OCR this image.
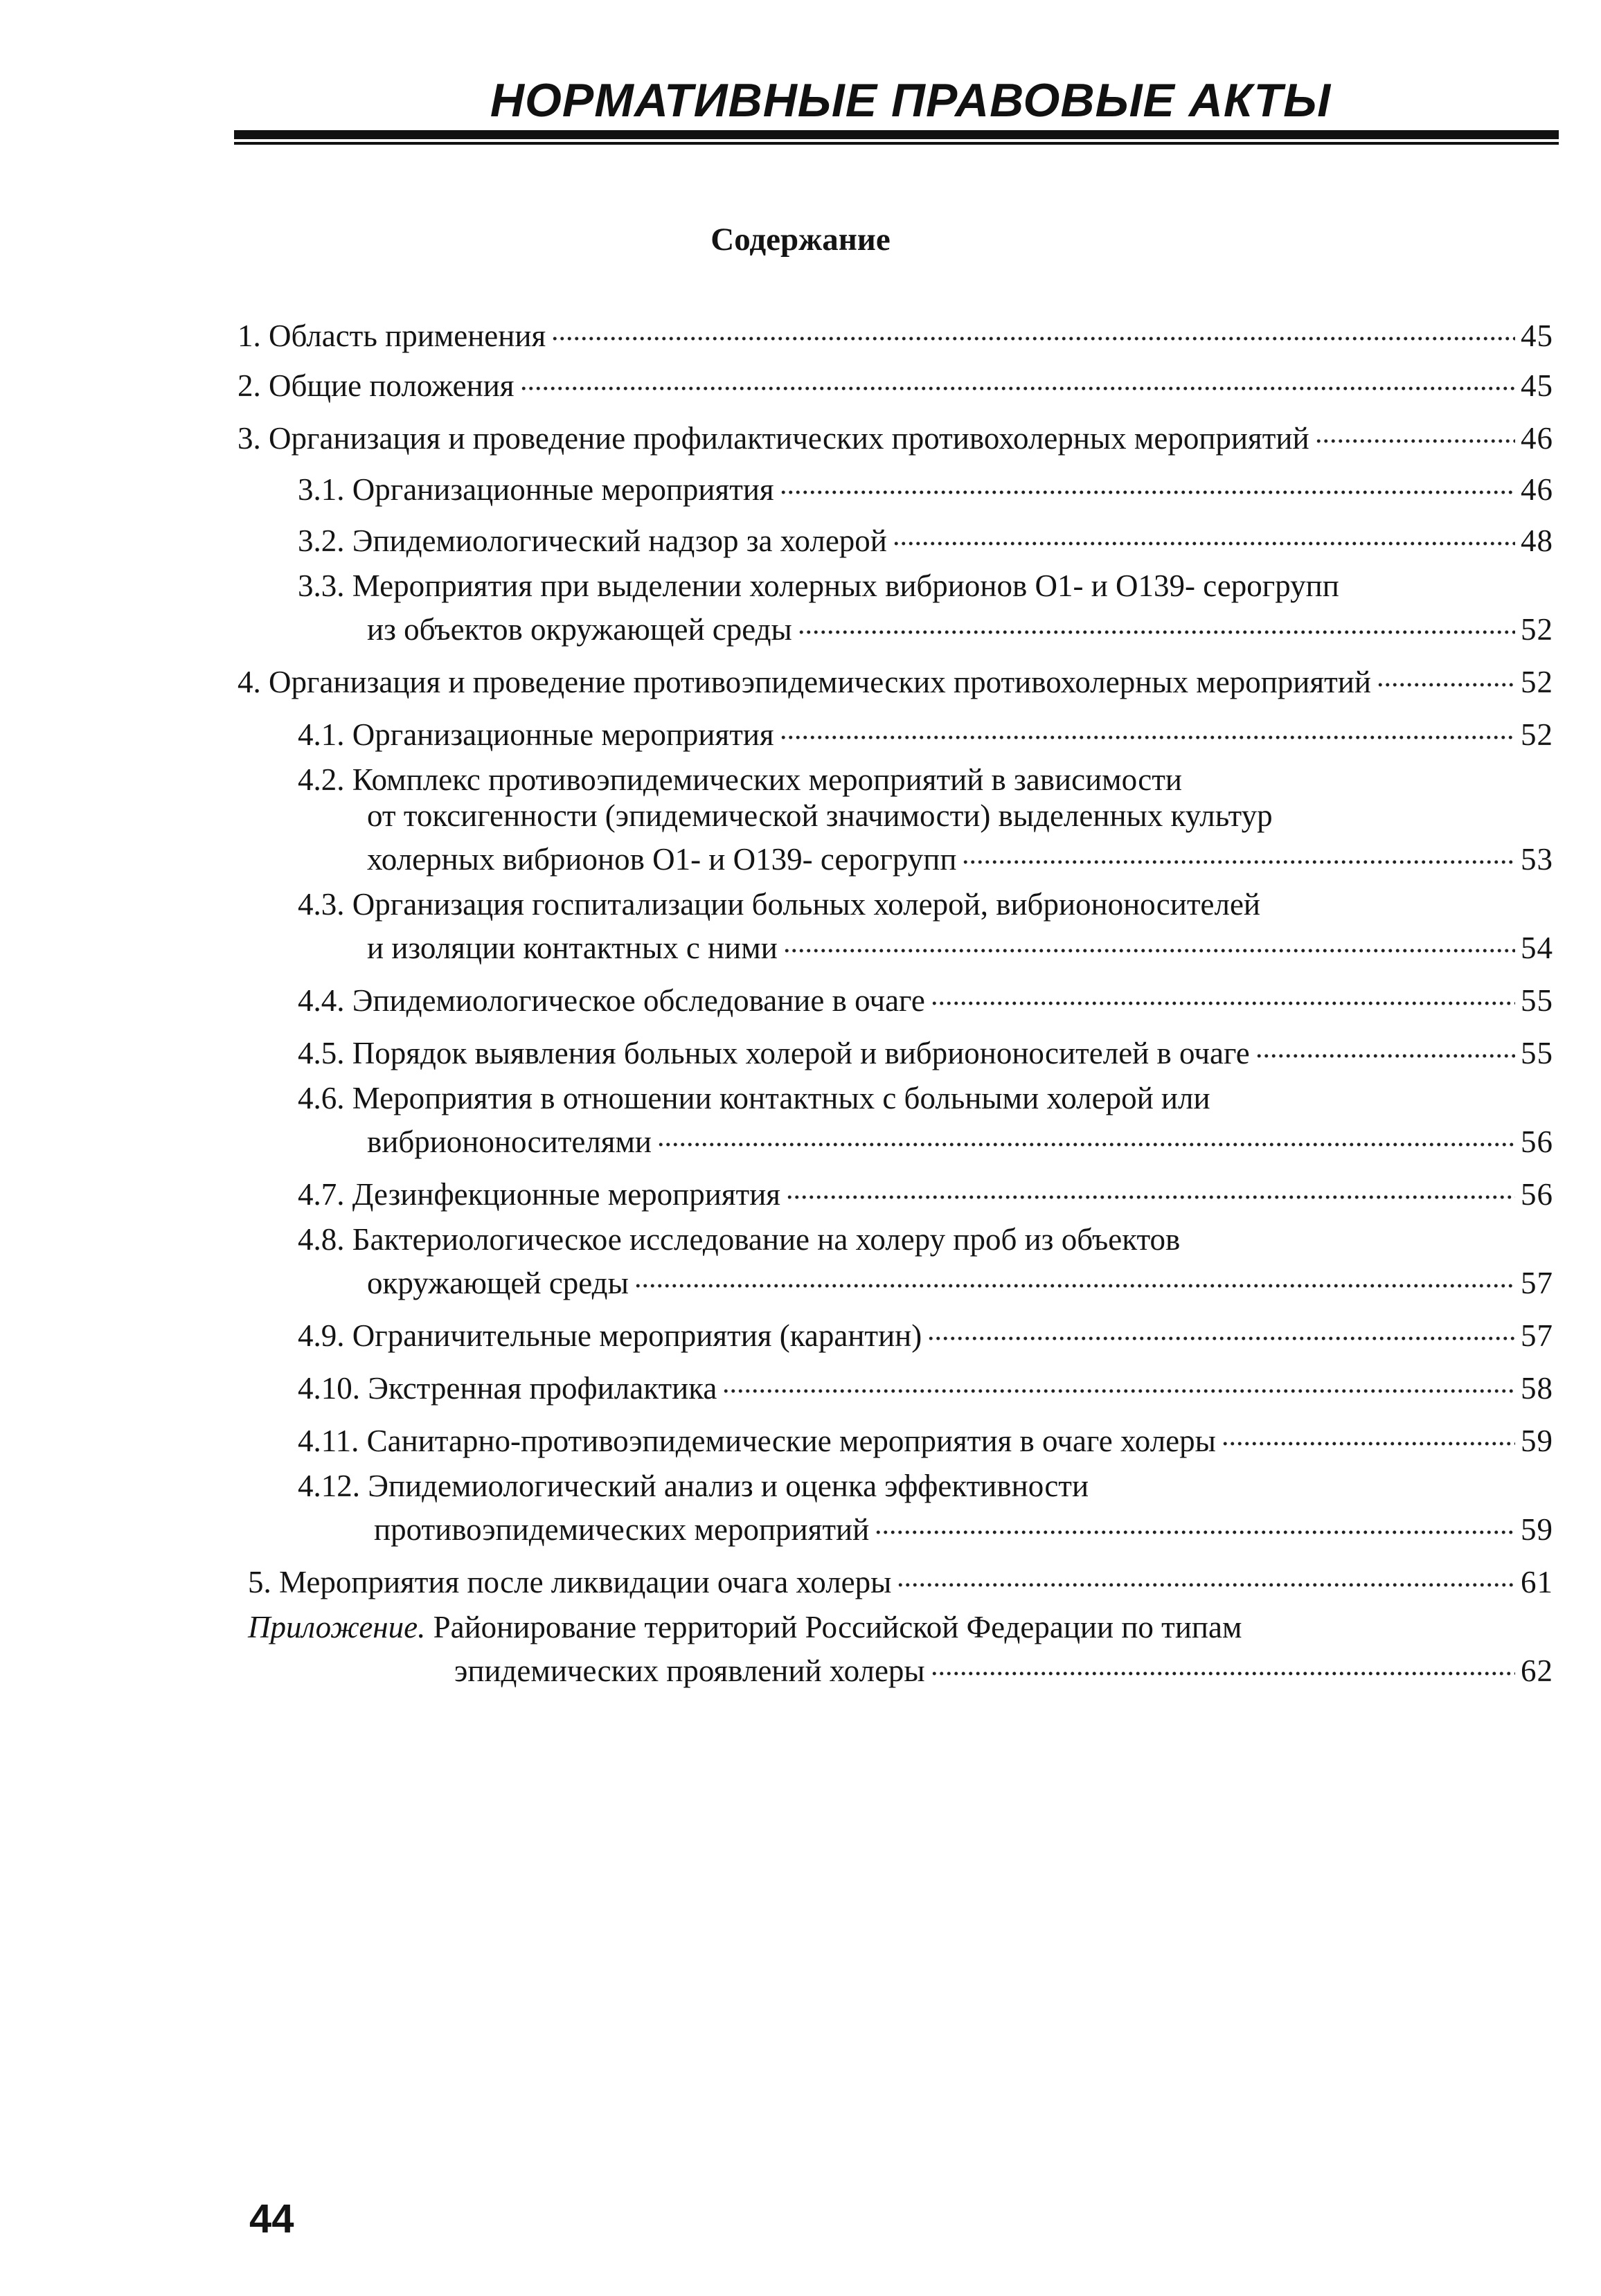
НОРМАТИВНЫЕ ПРАВОВЫЕ АКТЫ
Содержание
1. Область применения	45
2. Общие положения	45
3. Организация и проведение профилактических противохолерных мероприятий	46
3.1. Организационные мероприятия	46
3.2. Эпидемиологический надзор за холерой	48
3.3. Мероприятия при выделении холерных вибрионов О1- и О139- серогрупп
из объектов окружающей среды	52
4. Организация и проведение противоэпидемических противохолерных мероприятий	52
4.1. Организационные мероприятия	52
4.2. Комплекс противоэпидемических мероприятий в зависимости
от токсигенности (эпидемической значимости) выделенных культур
холерных вибрионов О1- и О139- серогрупп	53
4.3. Организация госпитализации больных холерой, вибриононосителей
и изоляции контактных с ними	54
4.4. Эпидемиологическое обследование в очаге	55
4.5. Порядок выявления больных холерой и вибриононосителей в очаге	55
4.6. Мероприятия в отношении контактных с больными холерой или
вибриононосителями	56
4.7. Дезинфекционные мероприятия	56
4.8. Бактериологическое исследование на холеру проб из объектов
окружающей среды	57
4.9. Ограничительные мероприятия (карантин)	57
4.10. Экстренная профилактика	58
4.11. Санитарно-противоэпидемические мероприятия в очаге холеры	59
4.12. Эпидемиологический анализ и оценка эффективности
противоэпидемических мероприятий	59
5. Мероприятия после ликвидации очага холеры	61
Приложение. Районирование территорий Российской Федерации по типам
эпидемических проявлений холеры	62
44
